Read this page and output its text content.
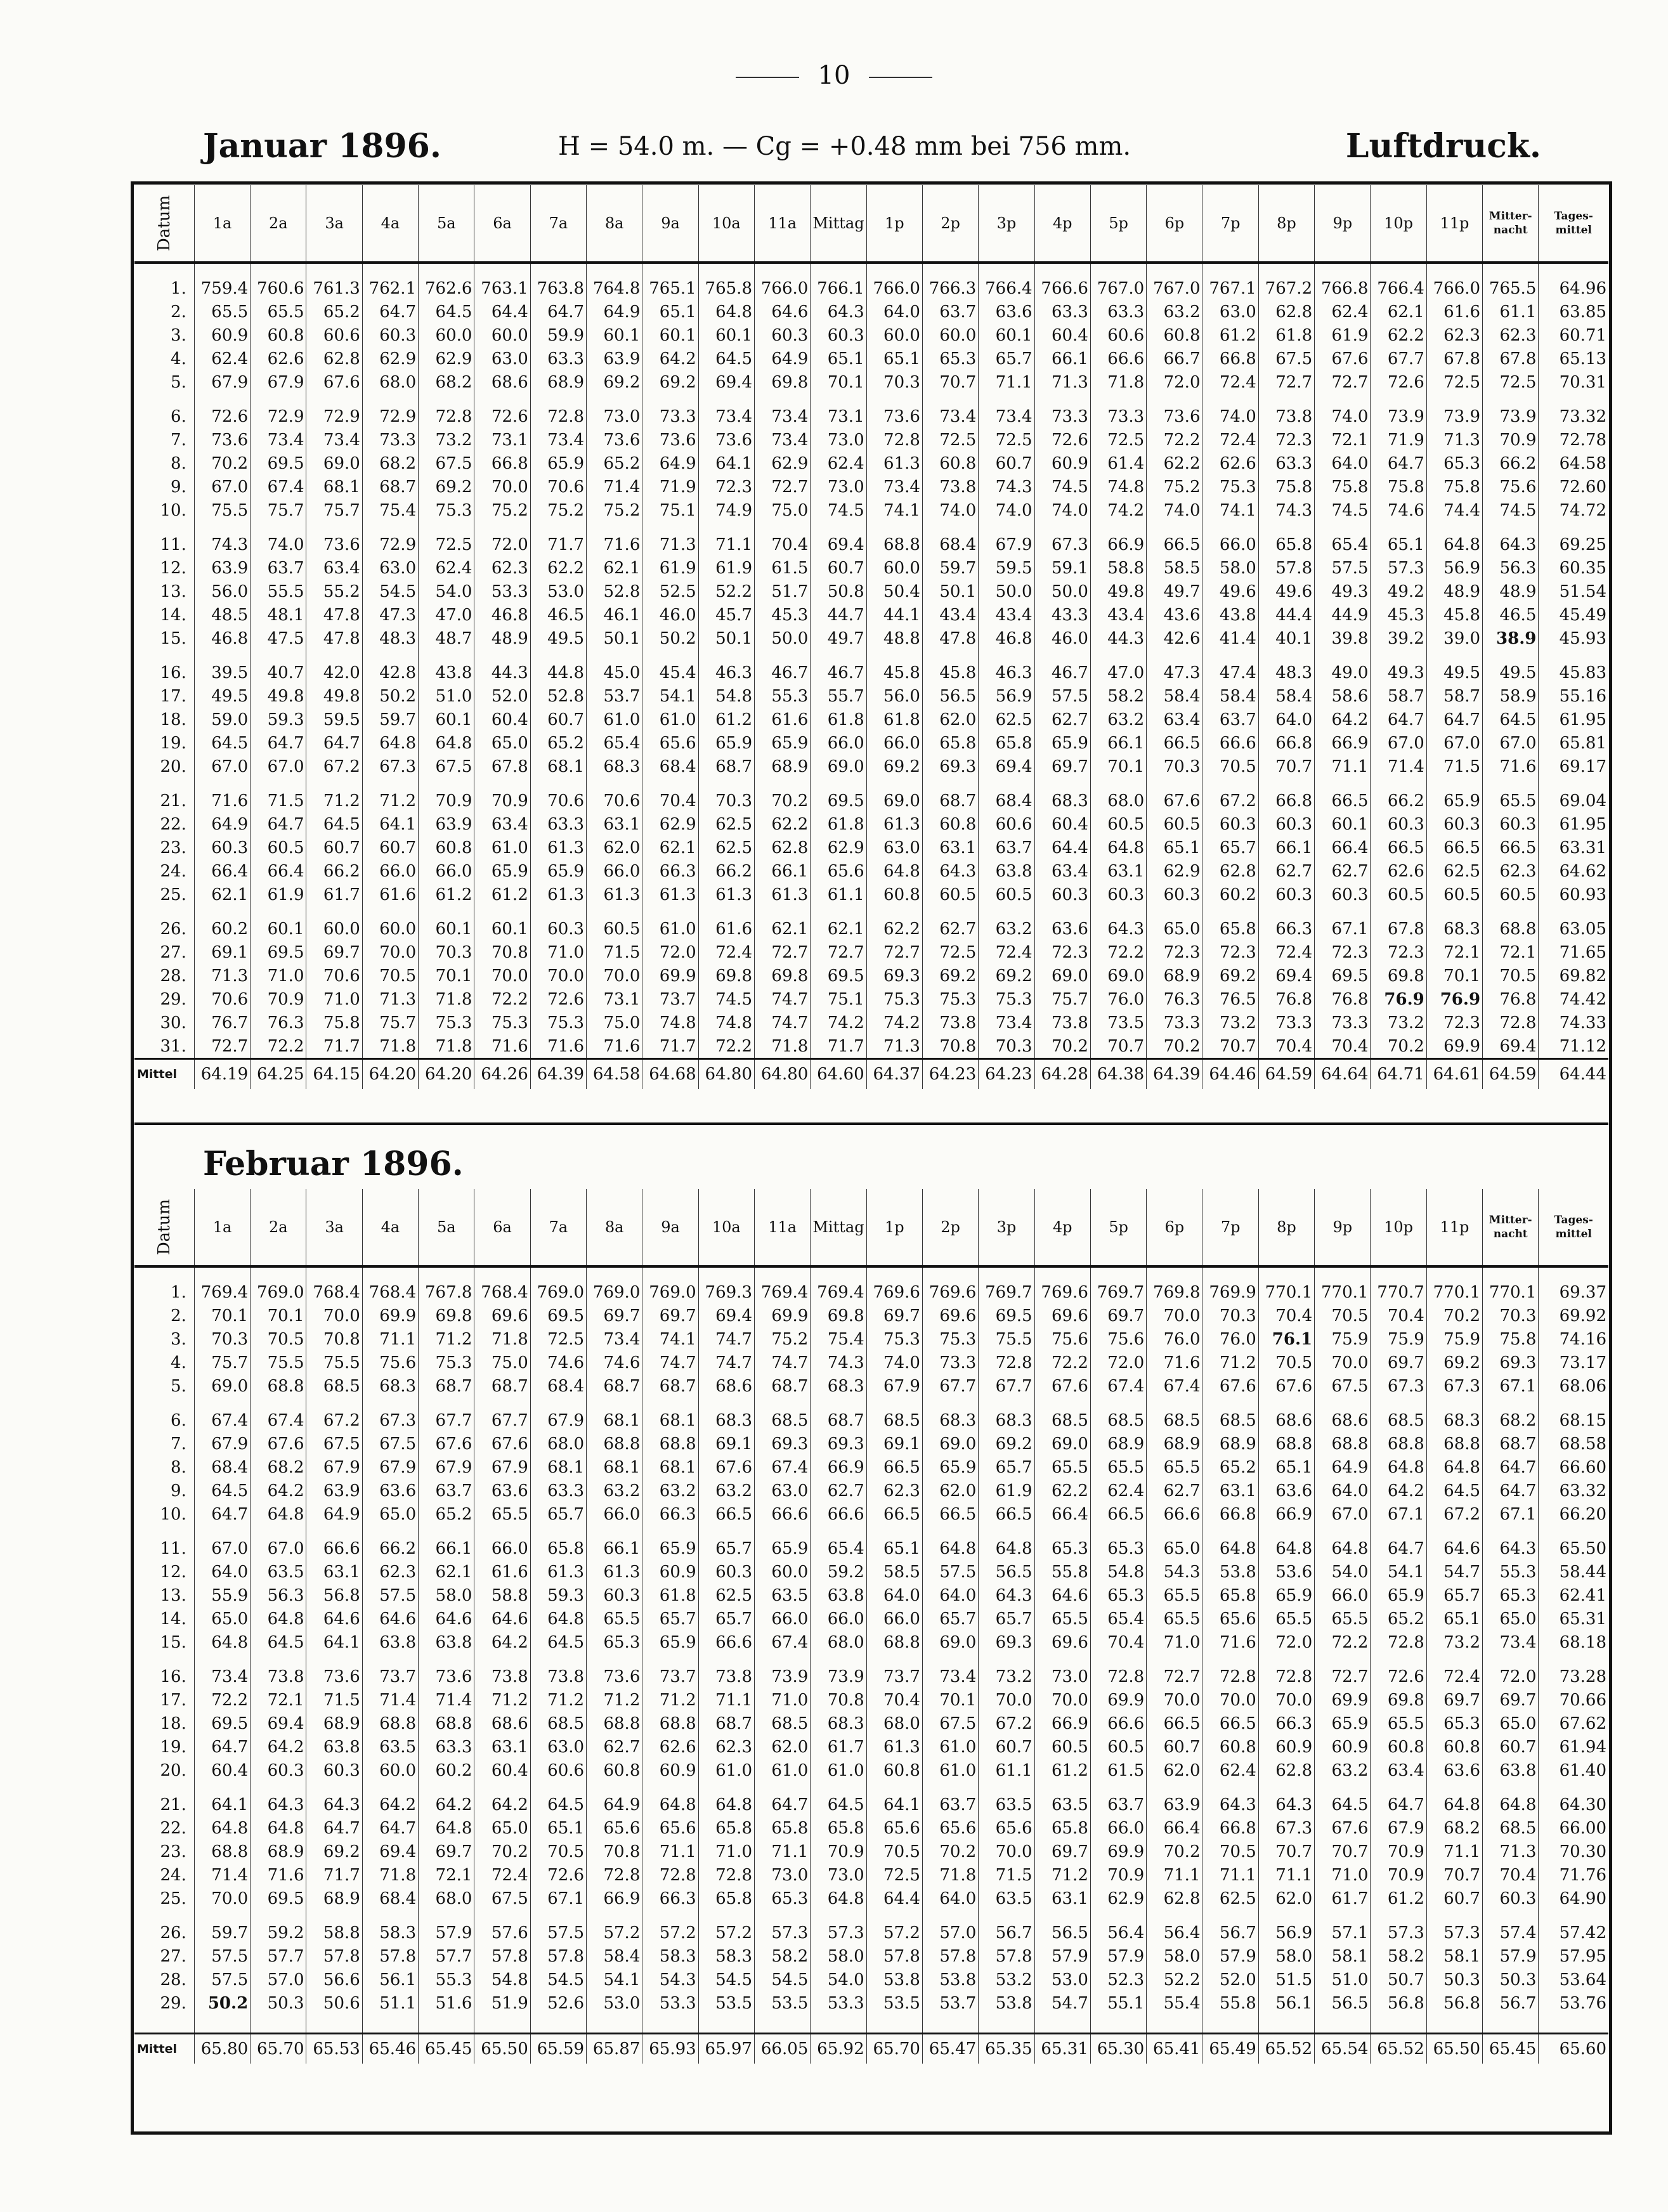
10
Januar 1896.	H = 54.0 m. — Cg = +0.48 mm bei 756 mm.	Luftdruck.
Datum	1a	2a	3a	4a	5a	6a	7a	8a	9a	10a	11a	Mittag	1p	2p	3p	4p	5p	6p	7p	8p	9p	10p	11p	Mitter-nacht	Tages-mittel

1.	759.4	760.6	761.3	762.1	762.6	763.1	763.8	764.8	765.1	765.8	766.0	766.1	766.0	766.3	766.4	766.6	767.0	767.0	767.1	767.2	766.8	766.4	766.0	765.5	64.96
2.	65.5	65.5	65.2	64.7	64.5	64.4	64.7	64.9	65.1	64.8	64.6	64.3	64.0	63.7	63.6	63.3	63.3	63.2	63.0	62.8	62.4	62.1	61.6	61.1	63.85
3.	60.9	60.8	60.6	60.3	60.0	60.0	59.9	60.1	60.1	60.1	60.3	60.3	60.0	60.0	60.1	60.4	60.6	60.8	61.2	61.8	61.9	62.2	62.3	62.3	60.71
4.	62.4	62.6	62.8	62.9	62.9	63.0	63.3	63.9	64.2	64.5	64.9	65.1	65.1	65.3	65.7	66.1	66.6	66.7	66.8	67.5	67.6	67.7	67.8	67.8	65.13
5.	67.9	67.9	67.6	68.0	68.2	68.6	68.9	69.2	69.2	69.4	69.8	70.1	70.3	70.7	71.1	71.3	71.8	72.0	72.4	72.7	72.7	72.6	72.5	72.5	70.31

6.	72.6	72.9	72.9	72.9	72.8	72.6	72.8	73.0	73.3	73.4	73.4	73.1	73.6	73.4	73.4	73.3	73.3	73.6	74.0	73.8	74.0	73.9	73.9	73.9	73.32
7.	73.6	73.4	73.4	73.3	73.2	73.1	73.4	73.6	73.6	73.6	73.4	73.0	72.8	72.5	72.5	72.6	72.5	72.2	72.4	72.3	72.1	71.9	71.3	70.9	72.78
8.	70.2	69.5	69.0	68.2	67.5	66.8	65.9	65.2	64.9	64.1	62.9	62.4	61.3	60.8	60.7	60.9	61.4	62.2	62.6	63.3	64.0	64.7	65.3	66.2	64.58
9.	67.0	67.4	68.1	68.7	69.2	70.0	70.6	71.4	71.9	72.3	72.7	73.0	73.4	73.8	74.3	74.5	74.8	75.2	75.3	75.8	75.8	75.8	75.8	75.6	72.60
10.	75.5	75.7	75.7	75.4	75.3	75.2	75.2	75.2	75.1	74.9	75.0	74.5	74.1	74.0	74.0	74.0	74.2	74.0	74.1	74.3	74.5	74.6	74.4	74.5	74.72

11.	74.3	74.0	73.6	72.9	72.5	72.0	71.7	71.6	71.3	71.1	70.4	69.4	68.8	68.4	67.9	67.3	66.9	66.5	66.0	65.8	65.4	65.1	64.8	64.3	69.25
12.	63.9	63.7	63.4	63.0	62.4	62.3	62.2	62.1	61.9	61.9	61.5	60.7	60.0	59.7	59.5	59.1	58.8	58.5	58.0	57.8	57.5	57.3	56.9	56.3	60.35
13.	56.0	55.5	55.2	54.5	54.0	53.3	53.0	52.8	52.5	52.2	51.7	50.8	50.4	50.1	50.0	50.0	49.8	49.7	49.6	49.6	49.3	49.2	48.9	48.9	51.54
14.	48.5	48.1	47.8	47.3	47.0	46.8	46.5	46.1	46.0	45.7	45.3	44.7	44.1	43.4	43.4	43.3	43.4	43.6	43.8	44.4	44.9	45.3	45.8	46.5	45.49
15.	46.8	47.5	47.8	48.3	48.7	48.9	49.5	50.1	50.2	50.1	50.0	49.7	48.8	47.8	46.8	46.0	44.3	42.6	41.4	40.1	39.8	39.2	39.0	38.9	45.93

16.	39.5	40.7	42.0	42.8	43.8	44.3	44.8	45.0	45.4	46.3	46.7	46.7	45.8	45.8	46.3	46.7	47.0	47.3	47.4	48.3	49.0	49.3	49.5	49.5	45.83
17.	49.5	49.8	49.8	50.2	51.0	52.0	52.8	53.7	54.1	54.8	55.3	55.7	56.0	56.5	56.9	57.5	58.2	58.4	58.4	58.4	58.6	58.7	58.7	58.9	55.16
18.	59.0	59.3	59.5	59.7	60.1	60.4	60.7	61.0	61.0	61.2	61.6	61.8	61.8	62.0	62.5	62.7	63.2	63.4	63.7	64.0	64.2	64.7	64.7	64.5	61.95
19.	64.5	64.7	64.7	64.8	64.8	65.0	65.2	65.4	65.6	65.9	65.9	66.0	66.0	65.8	65.8	65.9	66.1	66.5	66.6	66.8	66.9	67.0	67.0	67.0	65.81
20.	67.0	67.0	67.2	67.3	67.5	67.8	68.1	68.3	68.4	68.7	68.9	69.0	69.2	69.3	69.4	69.7	70.1	70.3	70.5	70.7	71.1	71.4	71.5	71.6	69.17

21.	71.6	71.5	71.2	71.2	70.9	70.9	70.6	70.6	70.4	70.3	70.2	69.5	69.0	68.7	68.4	68.3	68.0	67.6	67.2	66.8	66.5	66.2	65.9	65.5	69.04
22.	64.9	64.7	64.5	64.1	63.9	63.4	63.3	63.1	62.9	62.5	62.2	61.8	61.3	60.8	60.6	60.4	60.5	60.5	60.3	60.3	60.1	60.3	60.3	60.3	61.95
23.	60.3	60.5	60.7	60.7	60.8	61.0	61.3	62.0	62.1	62.5	62.8	62.9	63.0	63.1	63.7	64.4	64.8	65.1	65.7	66.1	66.4	66.5	66.5	66.5	63.31
24.	66.4	66.4	66.2	66.0	66.0	65.9	65.9	66.0	66.3	66.2	66.1	65.6	64.8	64.3	63.8	63.4	63.1	62.9	62.8	62.7	62.7	62.6	62.5	62.3	64.62
25.	62.1	61.9	61.7	61.6	61.2	61.2	61.3	61.3	61.3	61.3	61.3	61.1	60.8	60.5	60.5	60.3	60.3	60.3	60.2	60.3	60.3	60.5	60.5	60.5	60.93

26.	60.2	60.1	60.0	60.0	60.1	60.1	60.3	60.5	61.0	61.6	62.1	62.1	62.2	62.7	63.2	63.6	64.3	65.0	65.8	66.3	67.1	67.8	68.3	68.8	63.05
27.	69.1	69.5	69.7	70.0	70.3	70.8	71.0	71.5	72.0	72.4	72.7	72.7	72.7	72.5	72.4	72.3	72.2	72.3	72.3	72.4	72.3	72.3	72.1	72.1	71.65
28.	71.3	71.0	70.6	70.5	70.1	70.0	70.0	70.0	69.9	69.8	69.8	69.5	69.3	69.2	69.2	69.0	69.0	68.9	69.2	69.4	69.5	69.8	70.1	70.5	69.82
29.	70.6	70.9	71.0	71.3	71.8	72.2	72.6	73.1	73.7	74.5	74.7	75.1	75.3	75.3	75.3	75.7	76.0	76.3	76.5	76.8	76.8	76.9	76.9	76.8	74.42
30.	76.7	76.3	75.8	75.7	75.3	75.3	75.3	75.0	74.8	74.8	74.7	74.2	74.2	73.8	73.4	73.8	73.5	73.3	73.2	73.3	73.3	73.2	72.3	72.8	74.33
31.	72.7	72.2	71.7	71.8	71.8	71.6	71.6	71.6	71.7	72.2	71.8	71.7	71.3	70.8	70.3	70.2	70.7	70.2	70.7	70.4	70.4	70.2	69.9	69.4	71.12
Mittel	64.19	64.25	64.15	64.20	64.20	64.26	64.39	64.58	64.68	64.80	64.80	64.60	64.37	64.23	64.23	64.28	64.38	64.39	64.46	64.59	64.64	64.71	64.61	64.59	64.44
Februar 1896.
Datum	1a	2a	3a	4a	5a	6a	7a	8a	9a	10a	11a	Mittag	1p	2p	3p	4p	5p	6p	7p	8p	9p	10p	11p	Mitter-nacht	Tages-mittel

1.	769.4	769.0	768.4	768.4	767.8	768.4	769.0	769.0	769.0	769.3	769.4	769.4	769.6	769.6	769.7	769.6	769.7	769.8	769.9	770.1	770.1	770.7	770.1	770.1	69.37
2.	70.1	70.1	70.0	69.9	69.8	69.6	69.5	69.7	69.7	69.4	69.9	69.8	69.7	69.6	69.5	69.6	69.7	70.0	70.3	70.4	70.5	70.4	70.2	70.3	69.92
3.	70.3	70.5	70.8	71.1	71.2	71.8	72.5	73.4	74.1	74.7	75.2	75.4	75.3	75.3	75.5	75.6	75.6	76.0	76.0	76.1	75.9	75.9	75.9	75.8	74.16
4.	75.7	75.5	75.5	75.6	75.3	75.0	74.6	74.6	74.7	74.7	74.7	74.3	74.0	73.3	72.8	72.2	72.0	71.6	71.2	70.5	70.0	69.7	69.2	69.3	73.17
5.	69.0	68.8	68.5	68.3	68.7	68.7	68.4	68.7	68.7	68.6	68.7	68.3	67.9	67.7	67.7	67.6	67.4	67.4	67.6	67.6	67.5	67.3	67.3	67.1	68.06

6.	67.4	67.4	67.2	67.3	67.7	67.7	67.9	68.1	68.1	68.3	68.5	68.7	68.5	68.3	68.3	68.5	68.5	68.5	68.5	68.6	68.6	68.5	68.3	68.2	68.15
7.	67.9	67.6	67.5	67.5	67.6	67.6	68.0	68.8	68.8	69.1	69.3	69.3	69.1	69.0	69.2	69.0	68.9	68.9	68.9	68.8	68.8	68.8	68.8	68.7	68.58
8.	68.4	68.2	67.9	67.9	67.9	67.9	68.1	68.1	68.1	67.6	67.4	66.9	66.5	65.9	65.7	65.5	65.5	65.5	65.2	65.1	64.9	64.8	64.8	64.7	66.60
9.	64.5	64.2	63.9	63.6	63.7	63.6	63.3	63.2	63.2	63.2	63.0	62.7	62.3	62.0	61.9	62.2	62.4	62.7	63.1	63.6	64.0	64.2	64.5	64.7	63.32
10.	64.7	64.8	64.9	65.0	65.2	65.5	65.7	66.0	66.3	66.5	66.6	66.6	66.5	66.5	66.5	66.4	66.5	66.6	66.8	66.9	67.0	67.1	67.2	67.1	66.20

11.	67.0	67.0	66.6	66.2	66.1	66.0	65.8	66.1	65.9	65.7	65.9	65.4	65.1	64.8	64.8	65.3	65.3	65.0	64.8	64.8	64.8	64.7	64.6	64.3	65.50
12.	64.0	63.5	63.1	62.3	62.1	61.6	61.3	61.3	60.9	60.3	60.0	59.2	58.5	57.5	56.5	55.8	54.8	54.3	53.8	53.6	54.0	54.1	54.7	55.3	58.44
13.	55.9	56.3	56.8	57.5	58.0	58.8	59.3	60.3	61.8	62.5	63.5	63.8	64.0	64.0	64.3	64.6	65.3	65.5	65.8	65.9	66.0	65.9	65.7	65.3	62.41
14.	65.0	64.8	64.6	64.6	64.6	64.6	64.8	65.5	65.7	65.7	66.0	66.0	66.0	65.7	65.7	65.5	65.4	65.5	65.6	65.5	65.5	65.2	65.1	65.0	65.31
15.	64.8	64.5	64.1	63.8	63.8	64.2	64.5	65.3	65.9	66.6	67.4	68.0	68.8	69.0	69.3	69.6	70.4	71.0	71.6	72.0	72.2	72.8	73.2	73.4	68.18

16.	73.4	73.8	73.6	73.7	73.6	73.8	73.8	73.6	73.7	73.8	73.9	73.9	73.7	73.4	73.2	73.0	72.8	72.7	72.8	72.8	72.7	72.6	72.4	72.0	73.28
17.	72.2	72.1	71.5	71.4	71.4	71.2	71.2	71.2	71.2	71.1	71.0	70.8	70.4	70.1	70.0	70.0	69.9	70.0	70.0	70.0	69.9	69.8	69.7	69.7	70.66
18.	69.5	69.4	68.9	68.8	68.8	68.6	68.5	68.8	68.8	68.7	68.5	68.3	68.0	67.5	67.2	66.9	66.6	66.5	66.5	66.3	65.9	65.5	65.3	65.0	67.62
19.	64.7	64.2	63.8	63.5	63.3	63.1	63.0	62.7	62.6	62.3	62.0	61.7	61.3	61.0	60.7	60.5	60.5	60.7	60.8	60.9	60.9	60.8	60.8	60.7	61.94
20.	60.4	60.3	60.3	60.0	60.2	60.4	60.6	60.8	60.9	61.0	61.0	61.0	60.8	61.0	61.1	61.2	61.5	62.0	62.4	62.8	63.2	63.4	63.6	63.8	61.40

21.	64.1	64.3	64.3	64.2	64.2	64.2	64.5	64.9	64.8	64.8	64.7	64.5	64.1	63.7	63.5	63.5	63.7	63.9	64.3	64.3	64.5	64.7	64.8	64.8	64.30
22.	64.8	64.8	64.7	64.7	64.8	65.0	65.1	65.6	65.6	65.8	65.8	65.8	65.6	65.6	65.6	65.8	66.0	66.4	66.8	67.3	67.6	67.9	68.2	68.5	66.00
23.	68.8	68.9	69.2	69.4	69.7	70.2	70.5	70.8	71.1	71.0	71.1	70.9	70.5	70.2	70.0	69.7	69.9	70.2	70.5	70.7	70.7	70.9	71.1	71.3	70.30
24.	71.4	71.6	71.7	71.8	72.1	72.4	72.6	72.8	72.8	72.8	73.0	73.0	72.5	71.8	71.5	71.2	70.9	71.1	71.1	71.1	71.0	70.9	70.7	70.4	71.76
25.	70.0	69.5	68.9	68.4	68.0	67.5	67.1	66.9	66.3	65.8	65.3	64.8	64.4	64.0	63.5	63.1	62.9	62.8	62.5	62.0	61.7	61.2	60.7	60.3	64.90

26.	59.7	59.2	58.8	58.3	57.9	57.6	57.5	57.2	57.2	57.2	57.3	57.3	57.2	57.0	56.7	56.5	56.4	56.4	56.7	56.9	57.1	57.3	57.3	57.4	57.42
27.	57.5	57.7	57.8	57.8	57.7	57.8	57.8	58.4	58.3	58.3	58.2	58.0	57.8	57.8	57.8	57.9	57.9	58.0	57.9	58.0	58.1	58.2	58.1	57.9	57.95
28.	57.5	57.0	56.6	56.1	55.3	54.8	54.5	54.1	54.3	54.5	54.5	54.0	53.8	53.8	53.2	53.0	52.3	52.2	52.0	51.5	51.0	50.7	50.3	50.3	53.64
29.	50.2	50.3	50.6	51.1	51.6	51.9	52.6	53.0	53.3	53.5	53.5	53.3	53.5	53.7	53.8	54.7	55.1	55.4	55.8	56.1	56.5	56.8	56.8	56.7	53.76

Mittel	65.80	65.70	65.53	65.46	65.45	65.50	65.59	65.87	65.93	65.97	66.05	65.92	65.70	65.47	65.35	65.31	65.30	65.41	65.49	65.52	65.54	65.52	65.50	65.45	65.60
